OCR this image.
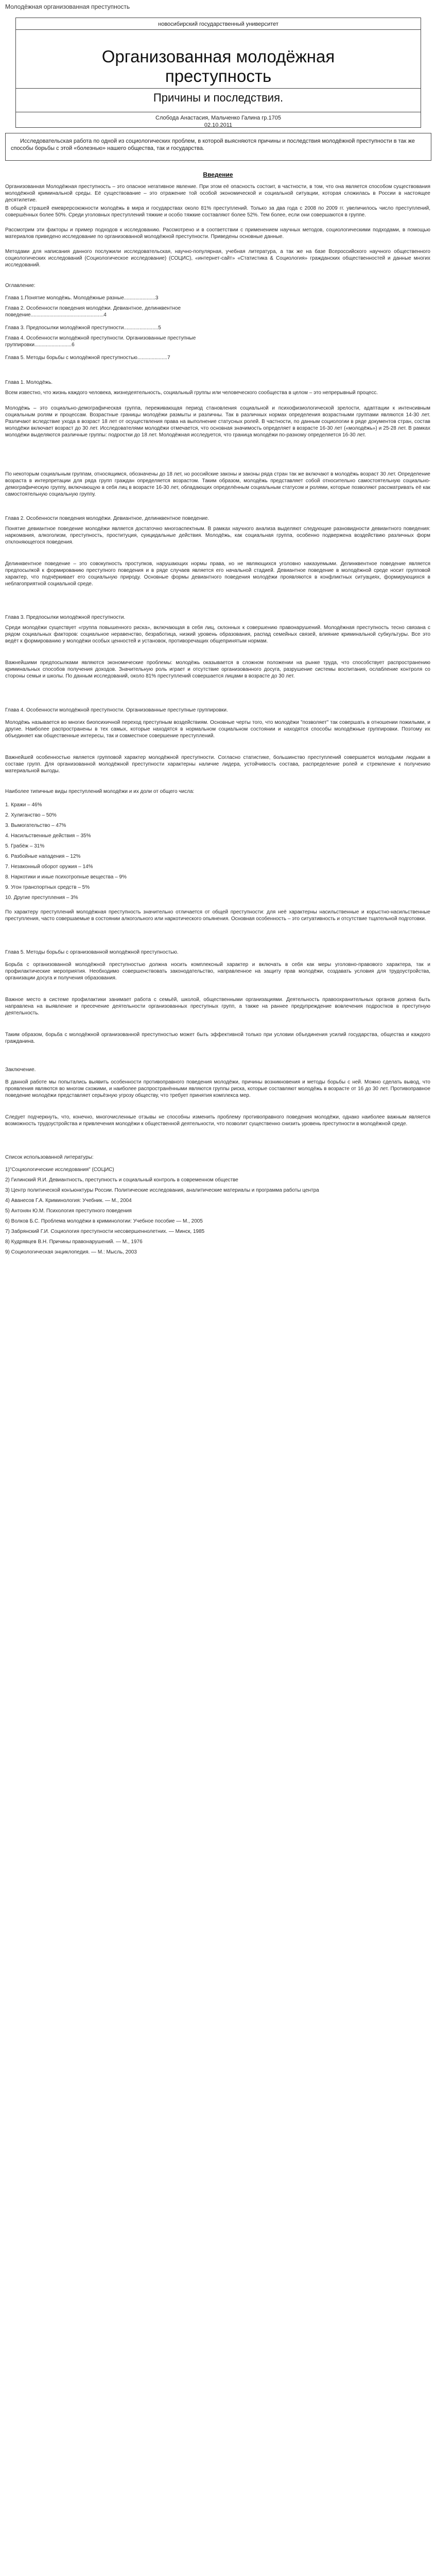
Молодёжная организованная преступность
новосибирский государственный университет
Организованная молодёжная
преступность
Причины и последствия.
Слобода Анастасия, Мальченко Галина гр.1705
02.10.2011
Исследовательская работа по одной из социологических проблем, в которой выясняются причины и последствия молодёжной преступности в так же способы борьбы с этой «болезнью» нашего общества, так и государства.
Введение
Организованная Молодёжная преступность – это опасное негативное явление. При этом её опасность состоит, в частности, в том, что она является способом существования молодёжной криминальной среды. Её существование – это отражение той особой экономической и социальной ситуации, которая сложилась в России в настоящее десятилетие.
В общей страшей емеврерсоюжности молодёжь в мира и государствах около 81% преступлений. Только за два года с 2008 по 2009 гг. увеличилось число преступлений, совершённых более 50%. Среди уголовных преступлений тяжкие и особо тяжкие составляют более 52%. Тем более, если они совершаются в группе.
Рассмотрим эти факторы и пример подходов к исследованию. Рассмотрено и в соответствии с применением научных методов, социологическими подходами, в помощью материалов приведено исследование по организованной молодёжной преступности. Приведены основные данные.
Методами для написания данного послужили исследовательская, научно-популярная, учебная литература, а так же на базе Всероссийского научного общественного социологических исследований (Социологическое исследование) (СОЦИС), «интернет-сайт» «Статистика & Социология» гражданских общественностей и данные многих исследований.
Оглавление:
Глава 1.Понятие молодёжь. Молодёжные разные......................3
Глава 2. Особенности поведения молодёжи. Девиантное, делинквентное поведение...................................................4
Глава 3. Предпосылки молодёжной преступности........................5
Глава 4. Особенности молодёжной преступности. Организованные преступные группировки..........................6
Глава 5. Методы борьбы с молодёжной преступностью.....................7
Глава 1. Молодёжь.
Всем известно, что жизнь каждого человека, жизнедеятельность, социальный группы или человеческого сообщества в целом – это непрерывный процесс.
Молодёжь – это социально-демографическая группа, переживающая период становления социальной и психофизиологической зрелости, адаптации к интенсивным социальным ролям и процессам. Возрастные границы молодёжи размыты и различны. Так в различных нормах определения возрастными группами являются 14-30 лет. Различают вследствие ухода в возраст 18 лет от осуществления права на выполнение статусных ролей. В частности, по данным социологии в ряде документов стран, состав молодёжи включает возраст до 30 лет. Исследователями молодёжи отмечается, что основная значимость определяет в возрасте 16-30 лет («молодёжь») и 25-28 лет. В рамках молодёжи выделяются различные группы: подростки до 18 лет. Молодёжная исследуется, что граница молодёжи по-разному определяется 16-30 лет.
По некоторым социальным группам, относящимся, обозначены до 18 лет, но российские законы и законы ряда стран так же включают в молодёжь возраст 30 лет. Определение возраста в интерпретации для ряда групп граждан определяется возрастом. Таким образом, молодёжь представляет собой относительно самостоятельную социально-демографическую группу, включающую в себя лиц в возрасте 16-30 лет, обладающих определённым социальным статусом и ролями, которые позволяют рассматривать её как самостоятельную социальную группу.
Глава 2. Особенности поведения молодёжи. Девиантное, делинквентное поведение.
Понятие девиантное поведение молодёжи является достаточно многоаспектным. В рамках научного анализа выделяют следующие разновидности девиантного поведения: наркомания, алкоголизм, преступность, проституция, суицидальные действия. Молодёжь, как социальная группа, особенно подвержена воздействию различных форм отклоняющегося поведения.
Делинквентное поведение – это совокупность проступков, нарушающих нормы права, но не являющихся уголовно наказуемыми. Делинквентное поведение является предпосылкой к формированию преступного поведения и в ряде случаев является его начальной стадией. Девиантное поведение в молодёжной среде носит групповой характер, что подчёркивает его социальную природу. Основные формы девиантного поведения молодёжи проявляются в конфликтных ситуациях, формирующихся в неблагоприятной социальной среде.
Глава 3. Предпосылки молодёжной преступности.
Среди молодёжи существует «группа повышенного риска», включающая в себя лиц, склонных к совершению правонарушений. Молодёжная преступность тесно связана с рядом социальных факторов: социальное неравенство, безработица, низкий уровень образования, распад семейных связей, влияние криминальной субкультуры. Все это ведёт к формированию у молодёжи особых ценностей и установок, противоречащих общепринятым нормам.
Важнейшими предпосылками являются экономические проблемы: молодёжь оказывается в сложном положении на рынке труда, что способствует распространению криминальных способов получения доходов. Значительную роль играет и отсутствие организованного досуга, разрушение системы воспитания, ослабление контроля со стороны семьи и школы. По данным исследований, около 81% преступлений совершается лицами в возрасте до 30 лет.
Глава 4. Особенности молодёжной преступности. Организованные преступные группировки.
Молодёжь называется во многих биопсихичной переход преступным воздействиям. Основные черты того, что молодёжи "позволяет" так совершать в отношении пожилыми, и другие. Наиболее распространены в тех самых, которые находятся в нормальном социальном состоянии и находятся способы молодёжные группировки. Поэтому их объединяет как общественные интересы, так и совместное совершение преступлений.
Важнейшей особенностью является групповой характер молодёжной преступности. Согласно статистике, большинство преступлений совершается молодыми людьми в составе групп. Для организованной молодёжной преступности характерны наличие лидера, устойчивость состава, распределение ролей и стремление к получению материальной выгоды.
Наиболее типичные виды преступлений молодёжи и их доли от общего числа:
1. Кражи – 46%
2. Хулиганство – 50%
3. Вымогательство – 47%
4. Насильственные действия – 35%
5. Грабёж – 31%
6. Разбойные нападения – 12%
7. Незаконный оборот оружия – 14%
8. Наркотики и иные психотропные вещества – 9%
9. Угон транспортных средств – 5%
10. Другие преступления – 3%
По характеру преступлений молодёжная преступность значительно отличается от общей преступности: для неё характерны насильственные и корыстно-насильственные преступления, часто совершаемые в состоянии алкогольного или наркотического опьянения. Основная особенность – это ситуативность и отсутствие тщательной подготовки.
Глава 5. Методы борьбы с организованной молодёжной преступностью.
Борьба с организованной молодёжной преступностью должна носить комплексный характер и включать в себя как меры уголовно-правового характера, так и профилактические мероприятия. Необходимо совершенствовать законодательство, направленное на защиту прав молодёжи, создавать условия для трудоустройства, организации досуга и получения образования.
Важное место в системе профилактики занимает работа с семьёй, школой, общественными организациями. Деятельность правоохранительных органов должна быть направлена на выявление и пресечение деятельности организованных преступных групп, а также на раннее предупреждение вовлечения подростков в преступную деятельность.
Таким образом, борьба с молодёжной организованной преступностью может быть эффективной только при условии объединения усилий государства, общества и каждого гражданина.
Заключение.
В данной работе мы попытались выявить особенности противоправного поведения молодёжи, причины возникновения и методы борьбы с ней. Можно сделать вывод, что проявления являются во многом схожими, и наиболее распространёнными являются группы риска, которые составляют молодёжь в возрасте от 16 до 30 лет. Противоправное поведение молодёжи представляет серьёзную угрозу обществу, что требует принятия комплекса мер.
Следует подчеркнуть, что, конечно, многочисленные отзывы не способны изменить проблему противоправного поведения молодёжи, однако наиболее важным является возможность трудоустройства и привлечения молодёжи к общественной деятельности, что позволит существенно снизить уровень преступности в молодёжной среде.
Список использованной литературы:
1)"Социологические исследования" (СОЦИС)
2) Гилинский Я.И. Девиантность, преступность и социальный контроль в современном обществе
3) Центр политической конъюнктуры России. Политические исследования, аналитические материалы и программа работы центра
4) Аванесов Г.А. Криминология: Учебник. — М., 2004
5) Антонян Ю.М. Психология преступного поведения
6) Волков Б.С. Проблема молодёжи в криминологии: Учебное пособие — М., 2005
7) Забрянский Г.И. Социология преступности несовершеннолетних. — Минск, 1985
8) Кудрявцев В.Н. Причины правонарушений. — М., 1976
9) Социологическая энциклопедия. — М.: Мысль, 2003
